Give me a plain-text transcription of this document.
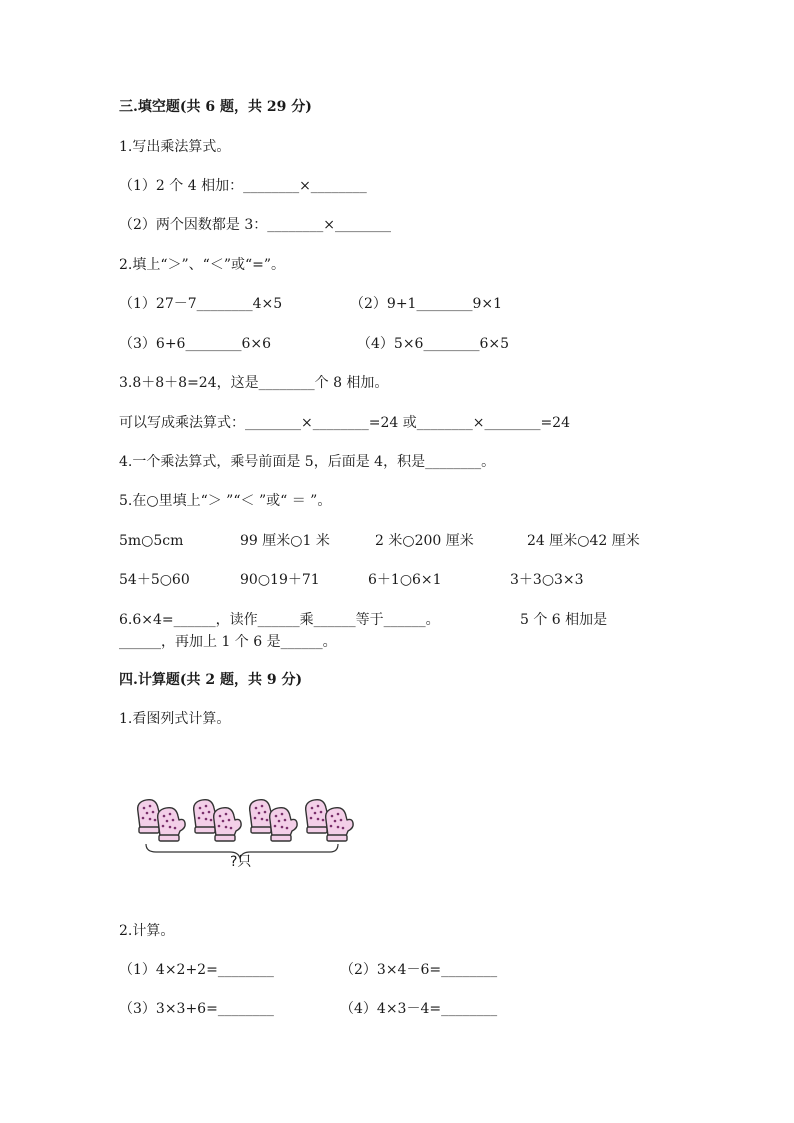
三.填空题(共 6 题，共 29 分)
1.写出乘法算式。
（1）2 个 4 相加：________×________
（2）两个因数都是 3：________×________
2.填上“＞”、“＜”或“=”。
（1）27－7________4×5	（2）9+1________9×1
（3）6+6________6×6	（4）5×6________6×5
3.8＋8＋8=24，这是________个 8 相加。
可以写成乘法算式：________×________=24 或________×________=24
4.一个乘法算式，乘号前面是 5，后面是 4，积是________。
5.在○里填上“＞ ”“＜ ”或“ ＝ ”。
5m○5cm	99 厘米○1 米	2 米○200 厘米	24 厘米○42 厘米
54＋5○60	90○19＋71	6＋1○6×1	3＋3○3×3
6.6×4=______，读作______乘______等于______。	5 个 6 相加是
______，再加上 1 个 6 是______。
四.计算题(共 2 题，共 9 分)
1.看图列式计算。
?只
2.计算。
（1）4×2+2=________	（2）3×4－6=________
（3）3×3+6=________	（4）4×3－4=________
